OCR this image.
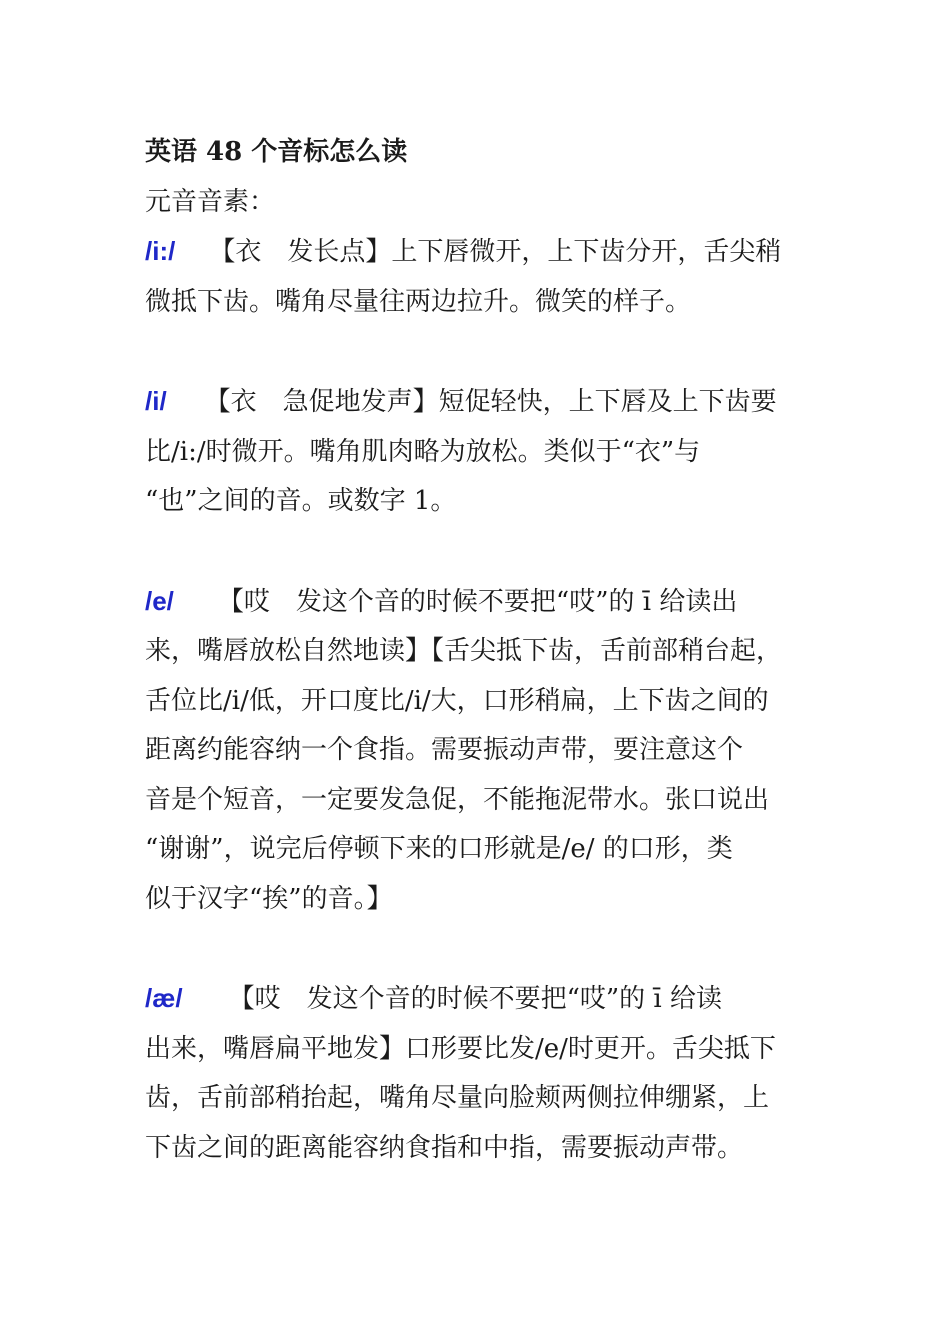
英语 48 个音标怎么读

元音音素：

/i:/ 【衣　发长点】上下唇微开，上下齿分开，舌尖稍
微抵下齿。嘴角尽量往两边拉升。微笑的样子。

/i/ 【衣　急促地发声】短促轻快，上下唇及上下齿要
比/i:/时微开。嘴角肌肉略为放松。类似于“衣”与
“也”之间的音。或数字 1。

/e/ 【哎　发这个音的时候不要把“哎”的 ī 给读出
来，嘴唇放松自然地读】【舌尖抵下齿，舌前部稍台起，
舌位比/i/低，开口度比/i/大，口形稍扁，上下齿之间的
距离约能容纳一个食指。需要振动声带，要注意这个
音是个短音，一定要发急促，不能拖泥带水。张口说出
“谢谢”，说完后停顿下来的口形就是/e/ 的口形，类
似于汉字“挨”的音。】

/æ/ 【哎　发这个音的时候不要把“哎”的 ī 给读
出来，嘴唇扁平地发】口形要比发/e/时更开。舌尖抵下
齿，舌前部稍抬起，嘴角尽量向脸颊两侧拉伸绷紧，上
下齿之间的距离能容纳食指和中指，需要振动声带。
